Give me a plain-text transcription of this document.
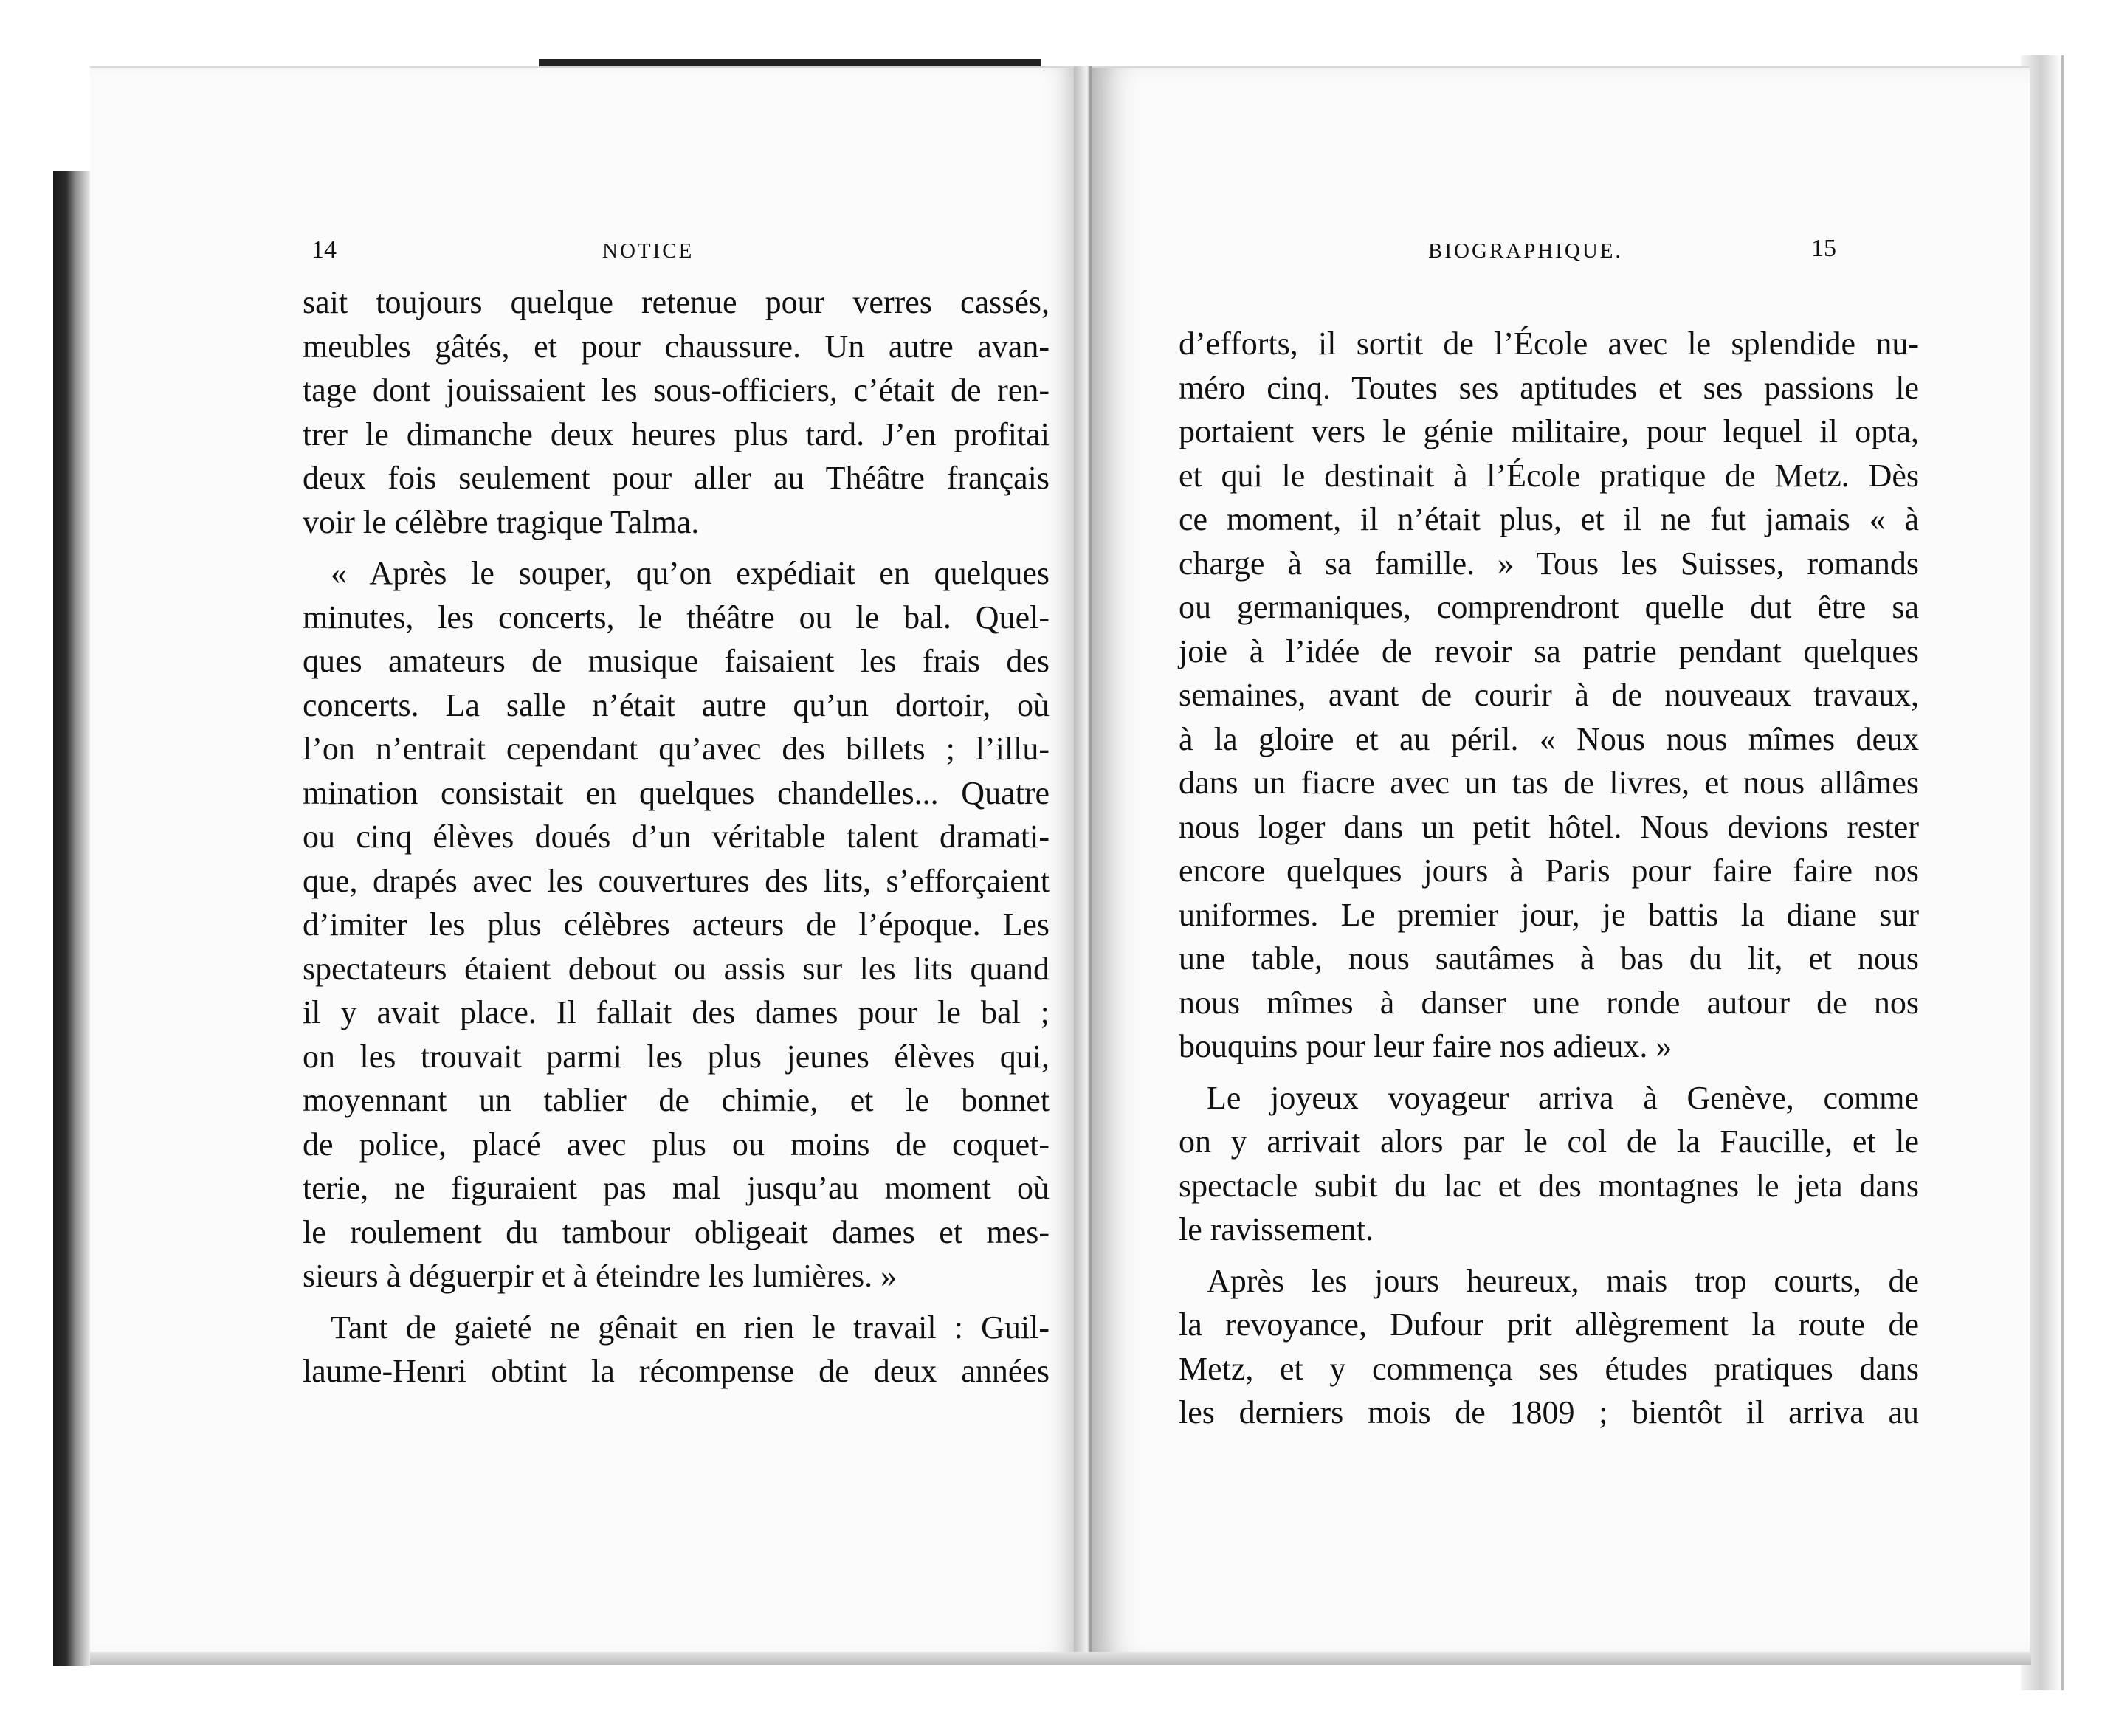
14	NOTICE

sait toujours quelque retenue pour verres cassés,
meubles gâtés, et pour chaussure. Un autre avan-
tage dont jouissaient les sous-officiers, c’était de ren-
trer le dimanche deux heures plus tard. J’en profitai
deux fois seulement pour aller au Théâtre français
voir le célèbre tragique Talma.

« Après le souper, qu’on expédiait en quelques
minutes, les concerts, le théâtre ou le bal. Quel-
ques amateurs de musique faisaient les frais des
concerts. La salle n’était autre qu’un dortoir, où
l’on n’entrait cependant qu’avec des billets ; l’illu-
mination consistait en quelques chandelles... Quatre
ou cinq élèves doués d’un véritable talent dramati-
que, drapés avec les couvertures des lits, s’efforçaient
d’imiter les plus célèbres acteurs de l’époque. Les
spectateurs étaient debout ou assis sur les lits quand
il y avait place. Il fallait des dames pour le bal ;
on les trouvait parmi les plus jeunes élèves qui,
moyennant un tablier de chimie, et le bonnet
de police, placé avec plus ou moins de coquet-
terie, ne figuraient pas mal jusqu’au moment où
le roulement du tambour obligeait dames et mes-
sieurs à déguerpir et à éteindre les lumières. »

Tant de gaieté ne gênait en rien le travail : Guil-
laume-Henri obtint la récompense de deux années

BIOGRAPHIQUE.	15

d’efforts, il sortit de l’École avec le splendide nu-
méro cinq. Toutes ses aptitudes et ses passions le
portaient vers le génie militaire, pour lequel il opta,
et qui le destinait à l’École pratique de Metz. Dès
ce moment, il n’était plus, et il ne fut jamais « à
charge à sa famille. » Tous les Suisses, romands
ou germaniques, comprendront quelle dut être sa
joie à l’idée de revoir sa patrie pendant quelques
semaines, avant de courir à de nouveaux travaux,
à la gloire et au péril. « Nous nous mîmes deux
dans un fiacre avec un tas de livres, et nous allâmes
nous loger dans un petit hôtel. Nous devions rester
encore quelques jours à Paris pour faire faire nos
uniformes. Le premier jour, je battis la diane sur
une table, nous sautâmes à bas du lit, et nous
nous mîmes à danser une ronde autour de nos
bouquins pour leur faire nos adieux. »

Le joyeux voyageur arriva à Genève, comme
on y arrivait alors par le col de la Faucille, et le
spectacle subit du lac et des montagnes le jeta dans
le ravissement.

Après les jours heureux, mais trop courts, de
la revoyance, Dufour prit allègrement la route de
Metz, et y commença ses études pratiques dans
les derniers mois de 1809 ; bientôt il arriva au
